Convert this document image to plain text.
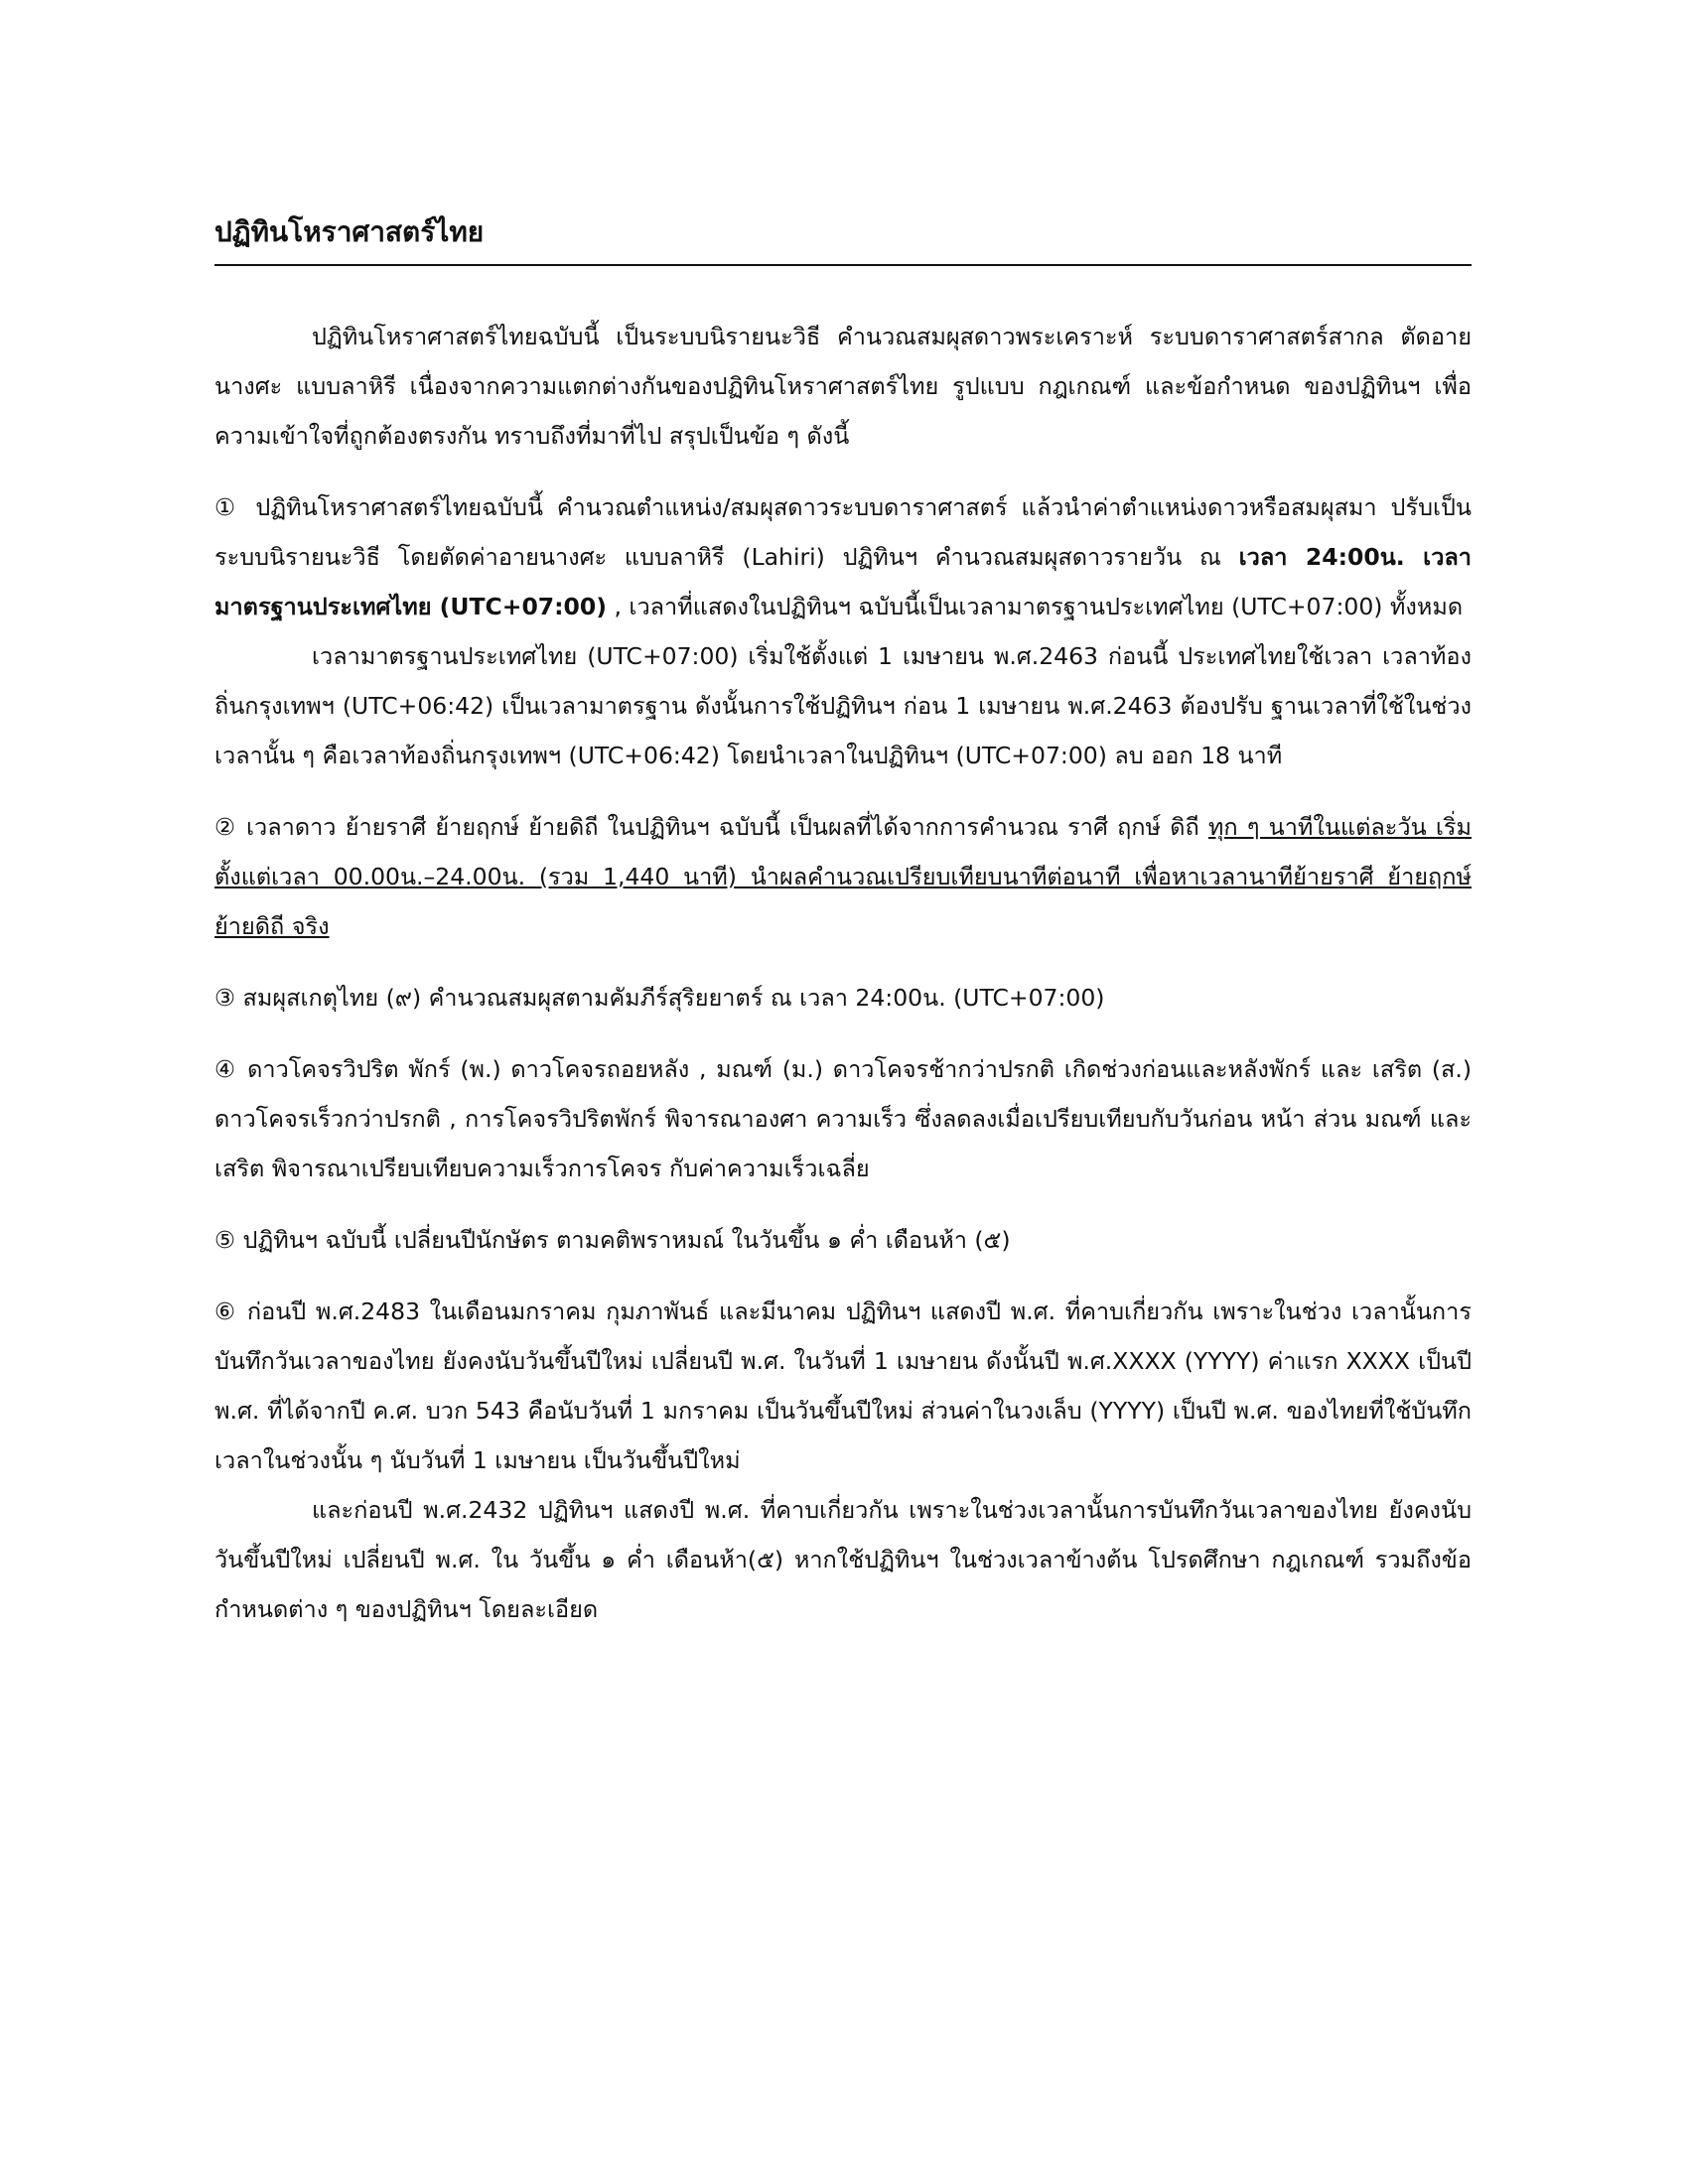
ปฏิทินโหราศาสตร์ไทย

ปฏิทินโหราศาสตร์ไทยฉบับนี้ เป็นระบบนิรายนะวิธี คำนวณสมผุสดาวพระเคราะห์ ระบบดาราศาสตร์สากล ตัดอายนางศะ แบบลาหิรี เนื่องจากความแตกต่างกันของปฏิทินโหราศาสตร์ไทย รูปแบบ กฎเกณฑ์ และข้อกำหนด ของปฏิทินฯ เพื่อความเข้าใจที่ถูกต้องตรงกัน ทราบถึงที่มาที่ไป สรุปเป็นข้อ ๆ ดังนี้

① ปฏิทินโหราศาสตร์ไทยฉบับนี้ คำนวณตำแหน่ง/สมผุสดาวระบบดาราศาสตร์ แล้วนำค่าตำแหน่งดาวหรือสมผุสมา ปรับเป็น ระบบนิรายนะวิธี โดยตัดค่าอายนางศะ แบบลาหิรี (Lahiri) ปฏิทินฯ คำนวณสมผุสดาวรายวัน ณ เวลา 24:00น. เวลามาตรฐานประเทศไทย (UTC+07:00) , เวลาที่แสดงในปฏิทินฯ ฉบับนี้เป็นเวลามาตรฐานประเทศไทย (UTC+07:00) ทั้งหมด

เวลามาตรฐานประเทศไทย (UTC+07:00) เริ่มใช้ตั้งแต่ 1 เมษายน พ.ศ.2463 ก่อนนี้ ประเทศไทยใช้เวลา เวลาท้องถิ่นกรุงเทพฯ (UTC+06:42) เป็นเวลามาตรฐาน ดังนั้นการใช้ปฏิทินฯ ก่อน 1 เมษายน พ.ศ.2463 ต้องปรับ ฐานเวลาที่ใช้ในช่วงเวลานั้น ๆ คือเวลาท้องถิ่นกรุงเทพฯ (UTC+06:42) โดยนำเวลาในปฏิทินฯ (UTC+07:00) ลบ ออก 18 นาที

② เวลาดาว ย้ายราศี ย้ายฤกษ์ ย้ายดิถี ในปฏิทินฯ ฉบับนี้ เป็นผลที่ได้จากการคำนวณ ราศี ฤกษ์ ดิถี ทุก ๆ นาทีในแต่ละวัน เริ่มตั้งแต่เวลา 00.00น.–24.00น. (รวม 1,440 นาที) นำผลคำนวณเปรียบเทียบนาทีต่อนาที เพื่อหาเวลานาทีย้ายราศี ย้ายฤกษ์ ย้ายดิถี จริง

③ สมผุสเกตุไทย (๙) คำนวณสมผุสตามคัมภีร์สุริยยาตร์ ณ เวลา 24:00น. (UTC+07:00)

④ ดาวโคจรวิปริต พักร์ (พ.) ดาวโคจรถอยหลัง , มณฑ์ (ม.) ดาวโคจรช้ากว่าปรกติ เกิดช่วงก่อนและหลังพักร์ และ เสริต (ส.) ดาวโคจรเร็วกว่าปรกติ , การโคจรวิปริตพักร์ พิจารณาองศา ความเร็ว ซึ่งลดลงเมื่อเปรียบเทียบกับวันก่อน หน้า ส่วน มณฑ์ และ เสริต พิจารณาเปรียบเทียบความเร็วการโคจร กับค่าความเร็วเฉลี่ย

⑤ ปฏิทินฯ ฉบับนี้ เปลี่ยนปีนักษัตร ตามคติพราหมณ์ ในวันขึ้น ๑ ค่ำ เดือนห้า (๕)

⑥ ก่อนปี พ.ศ.2483 ในเดือนมกราคม กุมภาพันธ์ และมีนาคม ปฏิทินฯ แสดงปี พ.ศ. ที่คาบเกี่ยวกัน เพราะในช่วง เวลานั้นการบันทึกวันเวลาของไทย ยังคงนับวันขึ้นปีใหม่ เปลี่ยนปี พ.ศ. ในวันที่ 1 เมษายน ดังนั้นปี พ.ศ.XXXX (YYYY) ค่าแรก XXXX เป็นปี พ.ศ. ที่ได้จากปี ค.ศ. บวก 543 คือนับวันที่ 1 มกราคม เป็นวันขึ้นปีใหม่ ส่วนค่าในวงเล็บ (YYYY) เป็นปี พ.ศ. ของไทยที่ใช้บันทึกเวลาในช่วงนั้น ๆ นับวันที่ 1 เมษายน เป็นวันขึ้นปีใหม่

และก่อนปี พ.ศ.2432 ปฏิทินฯ แสดงปี พ.ศ. ที่คาบเกี่ยวกัน เพราะในช่วงเวลานั้นการบันทึกวันเวลาของไทย ยังคงนับวันขึ้นปีใหม่ เปลี่ยนปี พ.ศ. ใน วันขึ้น ๑ ค่ำ เดือนห้า(๕) หากใช้ปฏิทินฯ ในช่วงเวลาข้างต้น โปรดศึกษา กฎเกณฑ์ รวมถึงข้อกำหนดต่าง ๆ ของปฏิทินฯ โดยละเอียด
